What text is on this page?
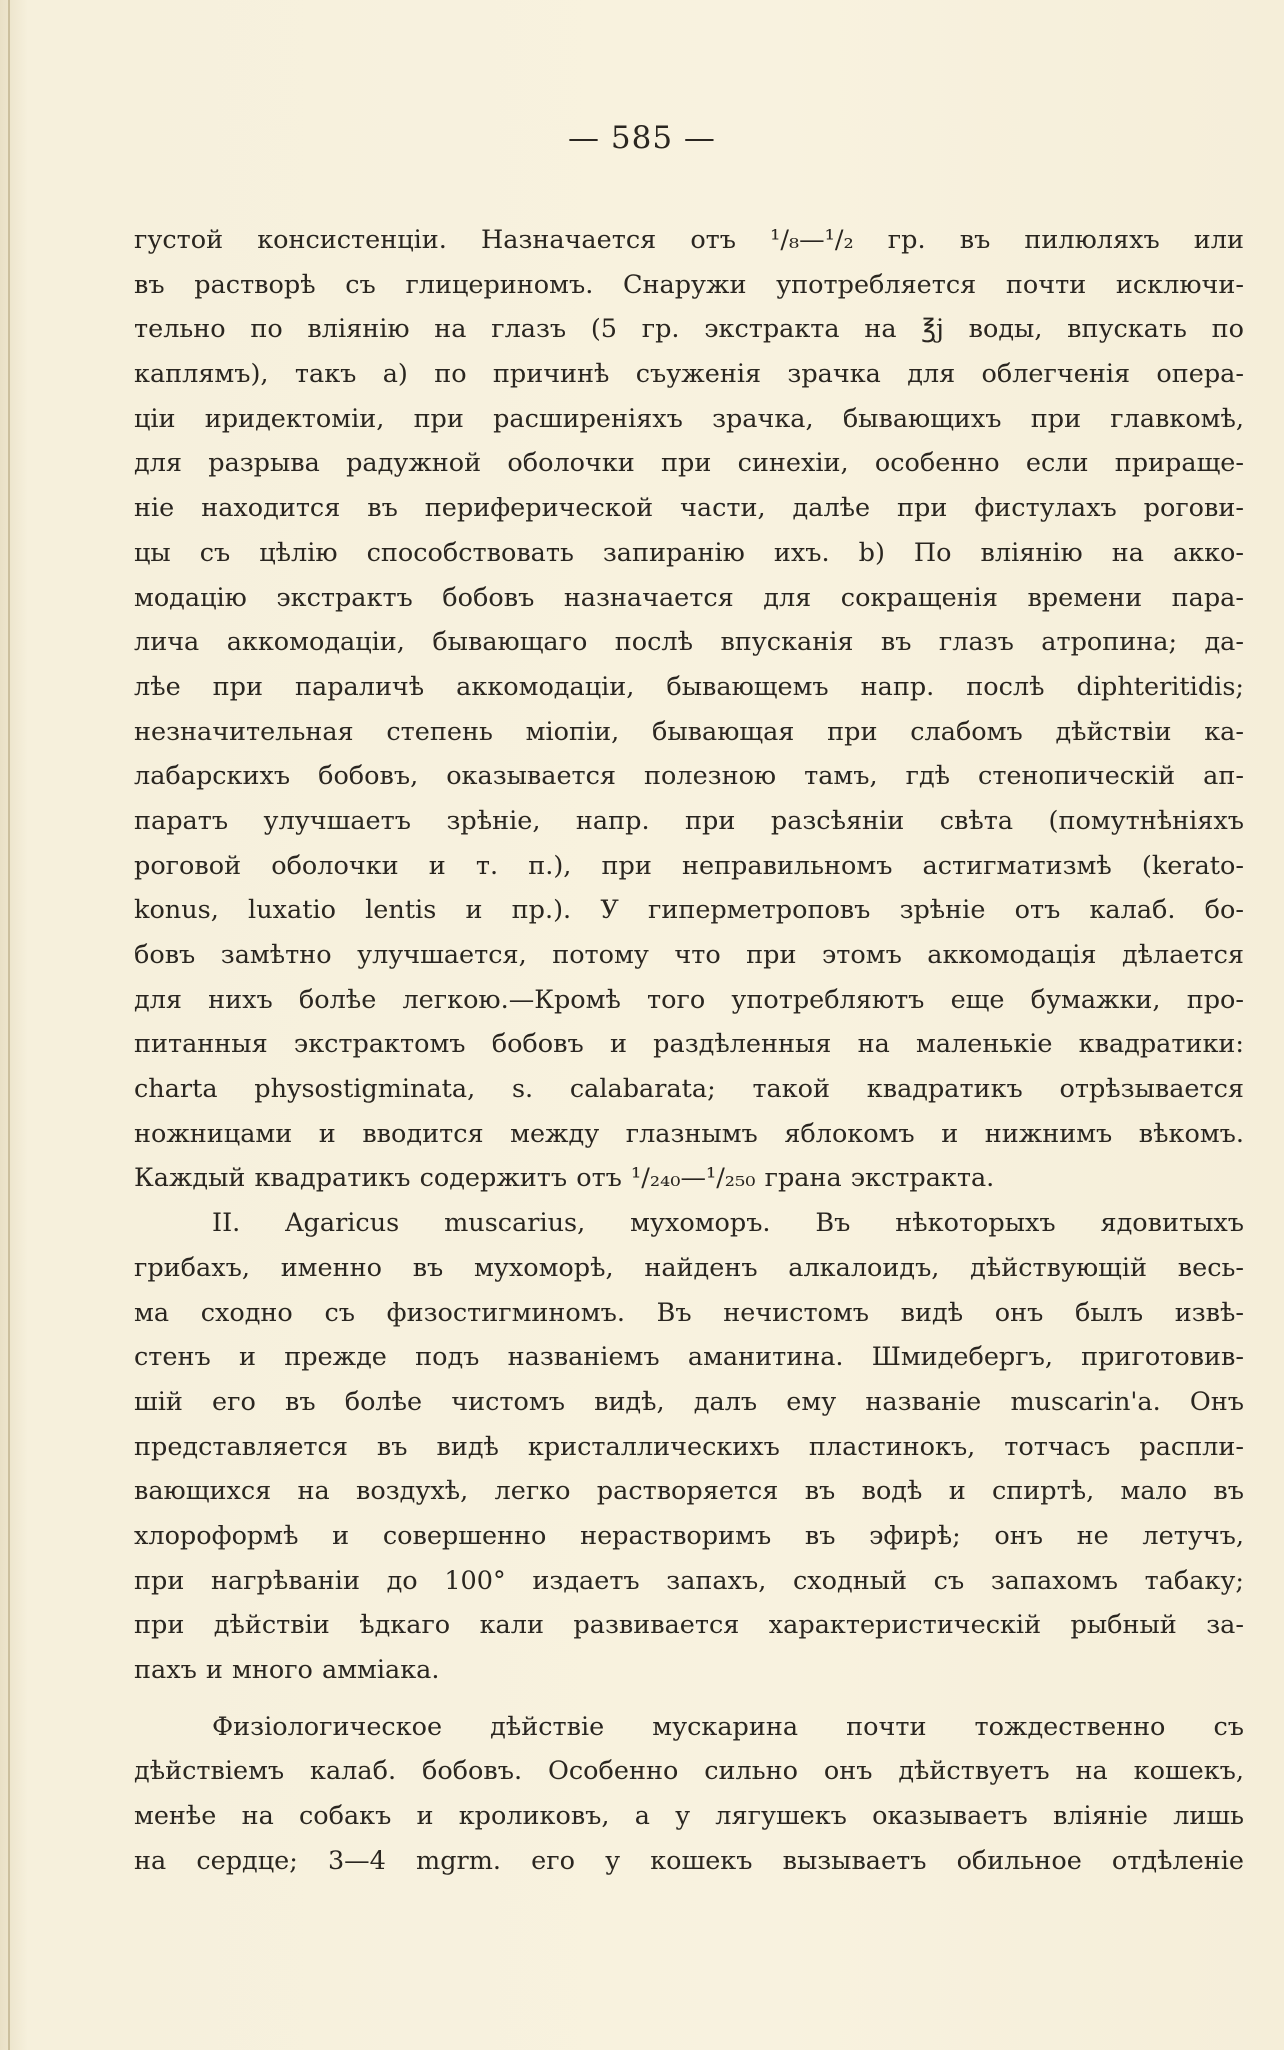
— 585 —
густой консистенціи. Назначается отъ ¹/₈—¹/₂ гр. въ пилюляхъ или
въ растворѣ съ глицериномъ. Снаружи употребляется почти исключи-
тельно по вліянію на глазъ (5 гр. экстракта на ℥j воды, впускать по
каплямъ), такъ а) по причинѣ съуженія зрачка для облегченія опера-
ціи иридектоміи, при расширеніяхъ зрачка, бывающихъ при главкомѣ,
для разрыва радужной оболочки при синехіи, особенно если прираще-
ніе находится въ периферической части, далѣе при фистулахъ рогови-
цы съ цѣлію способствовать запиранію ихъ. b) По вліянію на акко-
модацію экстрактъ бобовъ назначается для сокращенія времени пара-
лича аккомодаціи, бывающаго послѣ впусканія въ глазъ атропина; да-
лѣе при параличѣ аккомодаціи, бывающемъ напр. послѣ diphteritidis;
незначительная степень міопіи, бывающая при слабомъ дѣйствіи ка-
лабарскихъ бобовъ, оказывается полезною тамъ, гдѣ стенопическій ап-
паратъ улучшаетъ зрѣніе, напр. при разсѣяніи свѣта (помутнѣніяхъ
роговой оболочки и т. п.), при неправильномъ астигматизмѣ (kerato-
konus, luxatio lentis и пр.). У гиперметроповъ зрѣніе отъ калаб. бо-
бовъ замѣтно улучшается, потому что при этомъ аккомодація дѣлается
для нихъ болѣе легкою.—Кромѣ того употребляютъ еще бумажки, про-
питанныя экстрактомъ бобовъ и раздѣленныя на маленькіе квадратики:
charta physostigminata, s. calabarata; такой квадратикъ отрѣзывается
ножницами и вводится между глазнымъ яблокомъ и нижнимъ вѣкомъ.
Каждый квадратикъ содержитъ отъ ¹/₂₄₀—¹/₂₅₀ грана экстракта.
II. Agaricus muscarius, мухоморъ. Въ нѣкоторыхъ ядовитыхъ
грибахъ, именно въ мухоморѣ, найденъ алкалоидъ, дѣйствующій весь-
ма сходно съ физостигминомъ. Въ нечистомъ видѣ онъ былъ извѣ-
стенъ и прежде подъ названіемъ аманитина. Шмидебергъ, приготовив-
шій его въ болѣе чистомъ видѣ, далъ ему названіе muscarin'a. Онъ
представляется въ видѣ кристаллическихъ пластинокъ, тотчасъ распли-
вающихся на воздухѣ, легко растворяется въ водѣ и спиртѣ, мало въ
хлороформѣ и совершенно нерастворимъ въ эфирѣ; онъ не летучъ,
при нагрѣваніи до 100° издаетъ запахъ, сходный съ запахомъ табаку;
при дѣйствіи ѣдкаго кали развивается характеристическій рыбный за-
пахъ и много амміака.
Физіологическое дѣйствіе мускарина почти тождественно съ
дѣйствіемъ калаб. бобовъ. Особенно сильно онъ дѣйствуетъ на кошекъ,
менѣе на собакъ и кроликовъ, а у лягушекъ оказываетъ вліяніе лишь
на сердце; 3—4 mgrm. его у кошекъ вызываетъ обильное отдѣленіе
